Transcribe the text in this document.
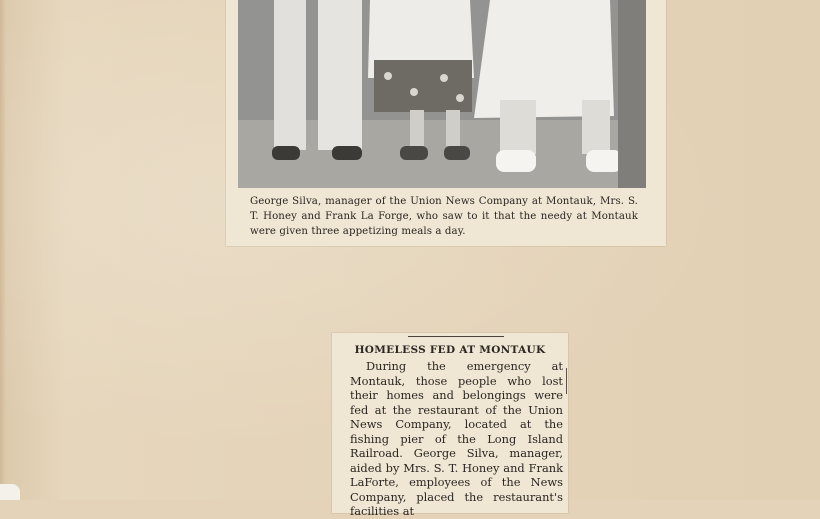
George Silva, manager of the Union News Company at Montauk, Mrs. S. T. Honey and Frank La Forge, who saw to it that the needy at Montauk were given three appetizing meals a day.
HOMELESS FED AT MONTAUK
During the emergency at Montauk, those people who lost their homes and belongings were fed at the restaurant of the Union News Company, located at the fishing pier of the Long Island Railroad. George Silva, manager, aided by Mrs. S. T. Honey and Frank LaForte, employees of the News Company, placed the restaurant's facilities at
